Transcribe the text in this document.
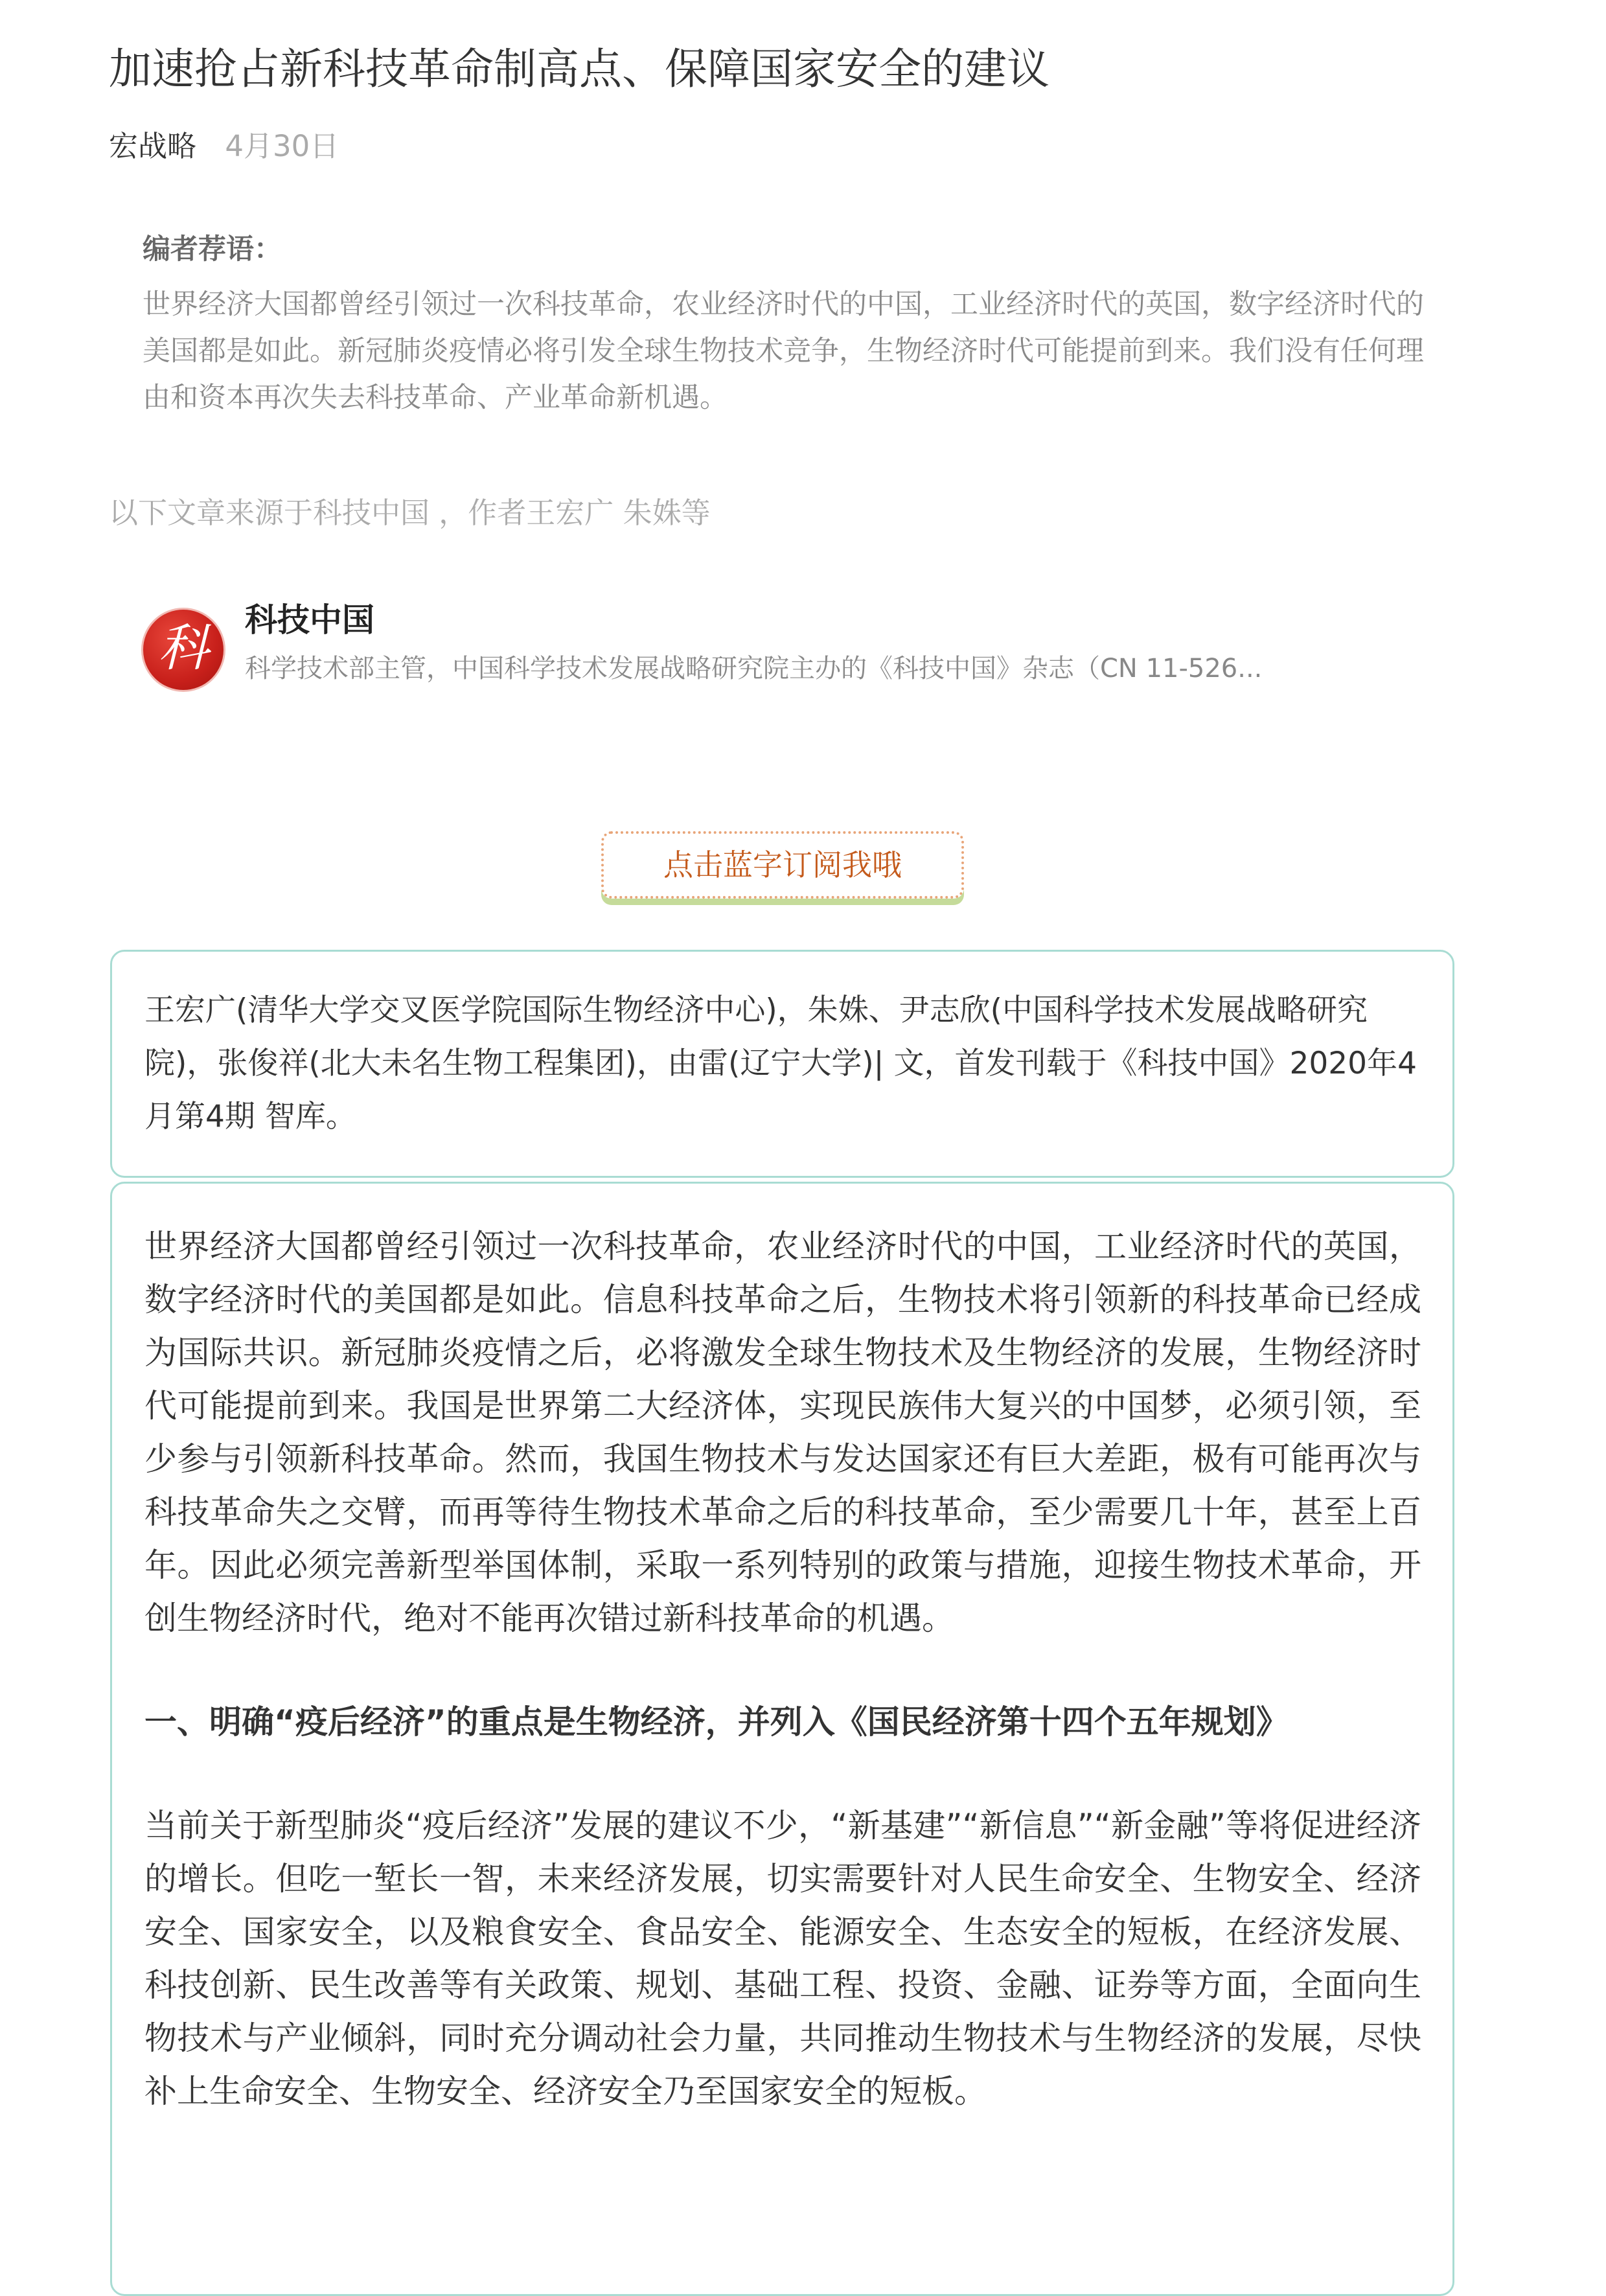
加速抢占新科技革命制高点、保障国家安全的建议
宏战略 4月30日
编者荐语：
世界经济大国都曾经引领过一次科技革命，农业经济时代的中国，工业经济时代的英国，数字经济时代的美国都是如此。新冠肺炎疫情必将引发全球生物技术竞争，生物经济时代可能提前到来。我们没有任何理由和资本再次失去科技革命、产业革命新机遇。
以下文章来源于科技中国 ，作者王宏广 朱姝等
科	科技中国
科学技术部主管，中国科学技术发展战略研究院主办的《科技中国》杂志（CN 11-526...
点击蓝字订阅我哦
王宏广(清华大学交叉医学院国际生物经济中心)，朱姝、尹志欣(中国科学技术发展战略研究院)，张俊祥(北大未名生物工程集团)，由雷(辽宁大学)| 文，首发刊载于《科技中国》2020年4月第4期 智库。

世界经济大国都曾经引领过一次科技革命，农业经济时代的中国，工业经济时代的英国，数字经济时代的美国都是如此。信息科技革命之后，生物技术将引领新的科技革命已经成为国际共识。新冠肺炎疫情之后，必将激发全球生物技术及生物经济的发展，生物经济时代可能提前到来。我国是世界第二大经济体，实现民族伟大复兴的中国梦，必须引领，至少参与引领新科技革命。然而，我国生物技术与发达国家还有巨大差距，极有可能再次与科技革命失之交臂，而再等待生物技术革命之后的科技革命，至少需要几十年，甚至上百年。因此必须完善新型举国体制，采取一系列特别的政策与措施，迎接生物技术革命，开创生物经济时代，绝对不能再次错过新科技革命的机遇。

一、明确“疫后经济”的重点是生物经济，并列入《国民经济第十四个五年规划》

当前关于新型肺炎“疫后经济”发展的建议不少，“新基建”“新信息”“新金融”等将促进经济的增长。但吃一堑长一智，未来经济发展，切实需要针对人民生命安全、生物安全、经济安全、国家安全，以及粮食安全、食品安全、能源安全、生态安全的短板，在经济发展、科技创新、民生改善等有关政策、规划、基础工程、投资、金融、证券等方面，全面向生物技术与产业倾斜，同时充分调动社会力量，共同推动生物技术与生物经济的发展，尽快补上生命安全、生物安全、经济安全乃至国家安全的短板。
